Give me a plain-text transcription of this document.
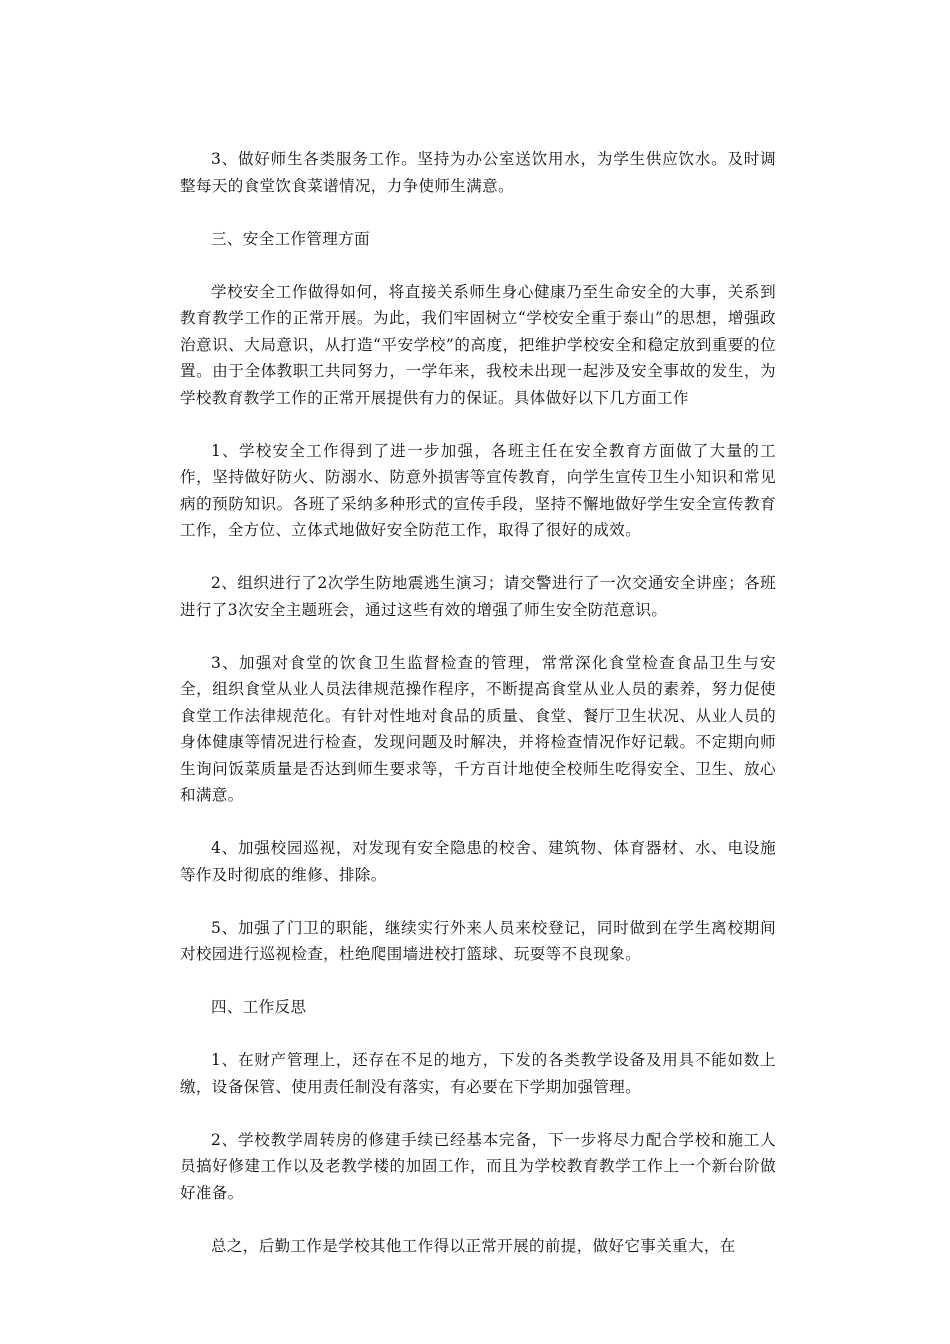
3、做好师生各类服务工作。坚持为办公室送饮用水，为学生供应饮水。及时调整每天的食堂饮食菜谱情况，力争使师生满意。

三、安全工作管理方面

学校安全工作做得如何，将直接关系师生身心健康乃至生命安全的大事，关系到教育教学工作的正常开展。为此，我们牢固树立“学校安全重于泰山”的思想，增强政治意识、大局意识，从打造“平安学校”的高度，把维护学校安全和稳定放到重要的位置。由于全体教职工共同努力，一学年来，我校未出现一起涉及安全事故的发生，为学校教育教学工作的正常开展提供有力的保证。具体做好以下几方面工作

1、学校安全工作得到了进一步加强，各班主任在安全教育方面做了大量的工作，坚持做好防火、防溺水、防意外损害等宣传教育，向学生宣传卫生小知识和常见病的预防知识。各班了采纳多种形式的宣传手段，坚持不懈地做好学生安全宣传教育工作，全方位、立体式地做好安全防范工作，取得了很好的成效。

2、组织进行了2次学生防地震逃生演习；请交警进行了一次交通安全讲座；各班进行了3次安全主题班会，通过这些有效的增强了师生安全防范意识。

3、加强对食堂的饮食卫生监督检查的管理，常常深化食堂检查食品卫生与安全，组织食堂从业人员法律规范操作程序，不断提高食堂从业人员的素养，努力促使食堂工作法律规范化。有针对性地对食品的质量、食堂、餐厅卫生状况、从业人员的身体健康等情况进行检查，发现问题及时解决，并将检查情况作好记载。不定期向师生询问饭菜质量是否达到师生要求等，千方百计地使全校师生吃得安全、卫生、放心和满意。

4、加强校园巡视，对发现有安全隐患的校舍、建筑物、体育器材、水、电设施等作及时彻底的维修、排除。

5、加强了门卫的职能，继续实行外来人员来校登记，同时做到在学生离校期间对校园进行巡视检查，杜绝爬围墙进校打篮球、玩耍等不良现象。

四、工作反思

1、在财产管理上，还存在不足的地方，下发的各类教学设备及用具不能如数上缴，设备保管、使用责任制没有落实，有必要在下学期加强管理。

2、学校教学周转房的修建手续已经基本完备，下一步将尽力配合学校和施工人员搞好修建工作以及老教学楼的加固工作，而且为学校教育教学工作上一个新台阶做好准备。

总之，后勤工作是学校其他工作得以正常开展的前提，做好它事关重大，在
